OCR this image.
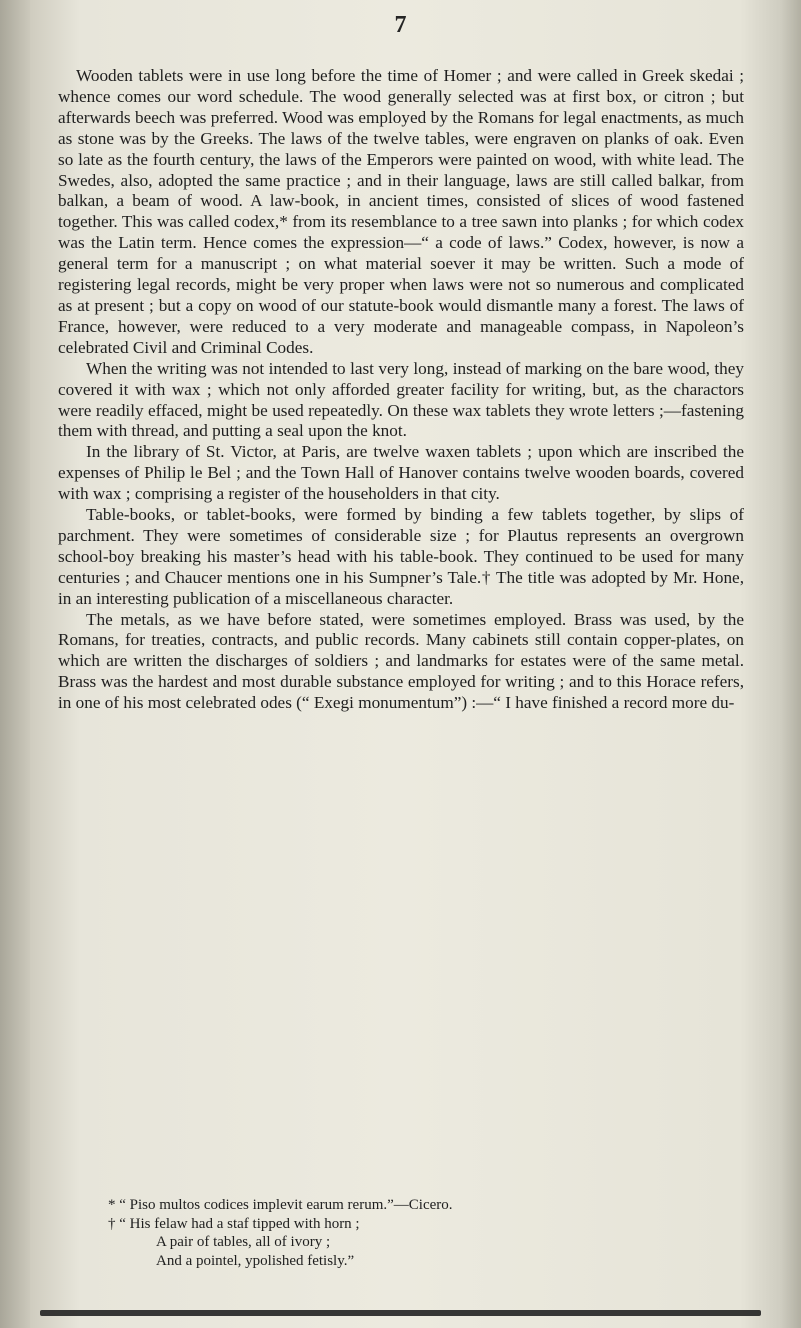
7

Wooden tablets were in use long before the time of Homer ; and were called in Greek skedai ; whence comes our word schedule. The wood generally selected was at first box, or citron ; but afterwards beech was preferred. Wood was employed by the Romans for legal enactments, as much as stone was by the Greeks. The laws of the twelve tables, were engraven on planks of oak. Even so late as the fourth century, the laws of the Emperors were painted on wood, with white lead. The Swedes, also, adopted the same practice ; and in their language, laws are still called balkar, from balkan, a beam of wood. A law-book, in ancient times, consisted of slices of wood fastened together. This was called codex,* from its resemblance to a tree sawn into planks ; for which codex was the Latin term. Hence comes the expression—“ a code of laws.” Codex, however, is now a general term for a manuscript ; on what material soever it may be written. Such a mode of registering legal records, might be very proper when laws were not so numerous and complicated as at present ; but a copy on wood of our statute-book would dismantle many a forest. The laws of France, however, were reduced to a very moderate and manageable compass, in Napoleon’s celebrated Civil and Criminal Codes.

When the writing was not intended to last very long, instead of marking on the bare wood, they covered it with wax ; which not only afforded greater facility for writing, but, as the charactors were readily effaced, might be used repeatedly. On these wax tablets they wrote letters ;—fastening them with thread, and putting a seal upon the knot.

In the library of St. Victor, at Paris, are twelve waxen tablets ; upon which are inscribed the expenses of Philip le Bel ; and the Town Hall of Hanover contains twelve wooden boards, covered with wax ; comprising a register of the householders in that city.

Table-books, or tablet-books, were formed by binding a few tablets together, by slips of parchment. They were sometimes of considerable size ; for Plautus represents an overgrown school-boy breaking his master’s head with his table-book. They continued to be used for many centuries ; and Chaucer mentions one in his Sumpner’s Tale.† The title was adopted by Mr. Hone, in an interesting publication of a miscellaneous character.

The metals, as we have before stated, were sometimes employed. Brass was used, by the Romans, for treaties, contracts, and public records. Many cabinets still contain copper-plates, on which are written the discharges of soldiers ; and landmarks for estates were of the same metal. Brass was the hardest and most durable substance employed for writing ; and to this Horace refers, in one of his most celebrated odes (“ Exegi monumentum”) :—“ I have finished a record more du-

* “ Piso multos codices implevit earum rerum.”—Cicero.

† “ His felaw had a staf tipped with horn ;

A pair of tables, all of ivory ;

And a pointel, ypolished fetisly.”
